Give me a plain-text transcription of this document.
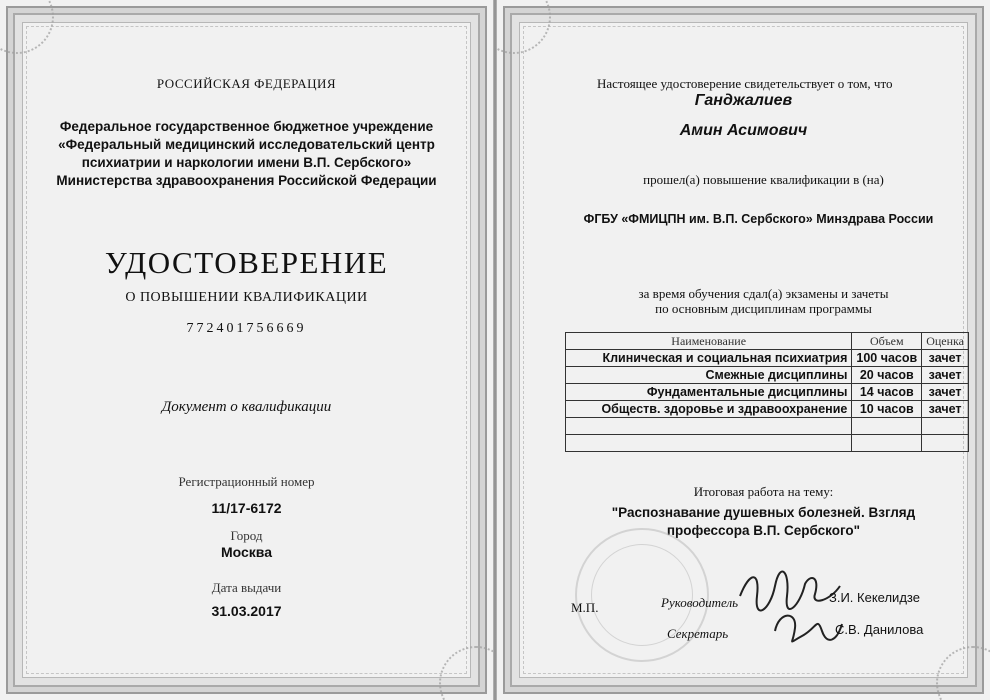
РОССИЙСКАЯ ФЕДЕРАЦИЯ
Федеральное государственное бюджетное учреждение
«Федеральный медицинский исследовательский центр
психиатрии и наркологии имени В.П. Сербского»
Министерства здравоохранения Российской Федерации
УДОСТОВЕРЕНИЕ
О ПОВЫШЕНИИ КВАЛИФИКАЦИИ
772401756669
Документ о квалификации
Регистрационный номер
11/17-6172
Город
Москва
Дата выдачи
31.03.2017
Настоящее удостоверение свидетельствует о том, что
Ганджалиев
Амин Асимович
прошел(а) повышение квалификации в (на)
ФГБУ «ФМИЦПН им. В.П. Сербского» Минздрава России
за время обучения сдал(а) экзамены и зачеты
по основным дисциплинам программы
Наименование	Объем	Оценка
Клиническая и социальная психиатрия	100 часов	зачет
Смежные дисциплины	20 часов	зачет
Фундаментальные дисциплины	14 часов	зачет
Обществ. здоровье и здравоохранение	10 часов	зачет

Итоговая работа на тему:
"Распознавание душевных болезней. Взгляд
профессора В.П. Сербского"
М.П.	Руководитель
Секретарь
З.И. Кекелидзе
С.В. Данилова
